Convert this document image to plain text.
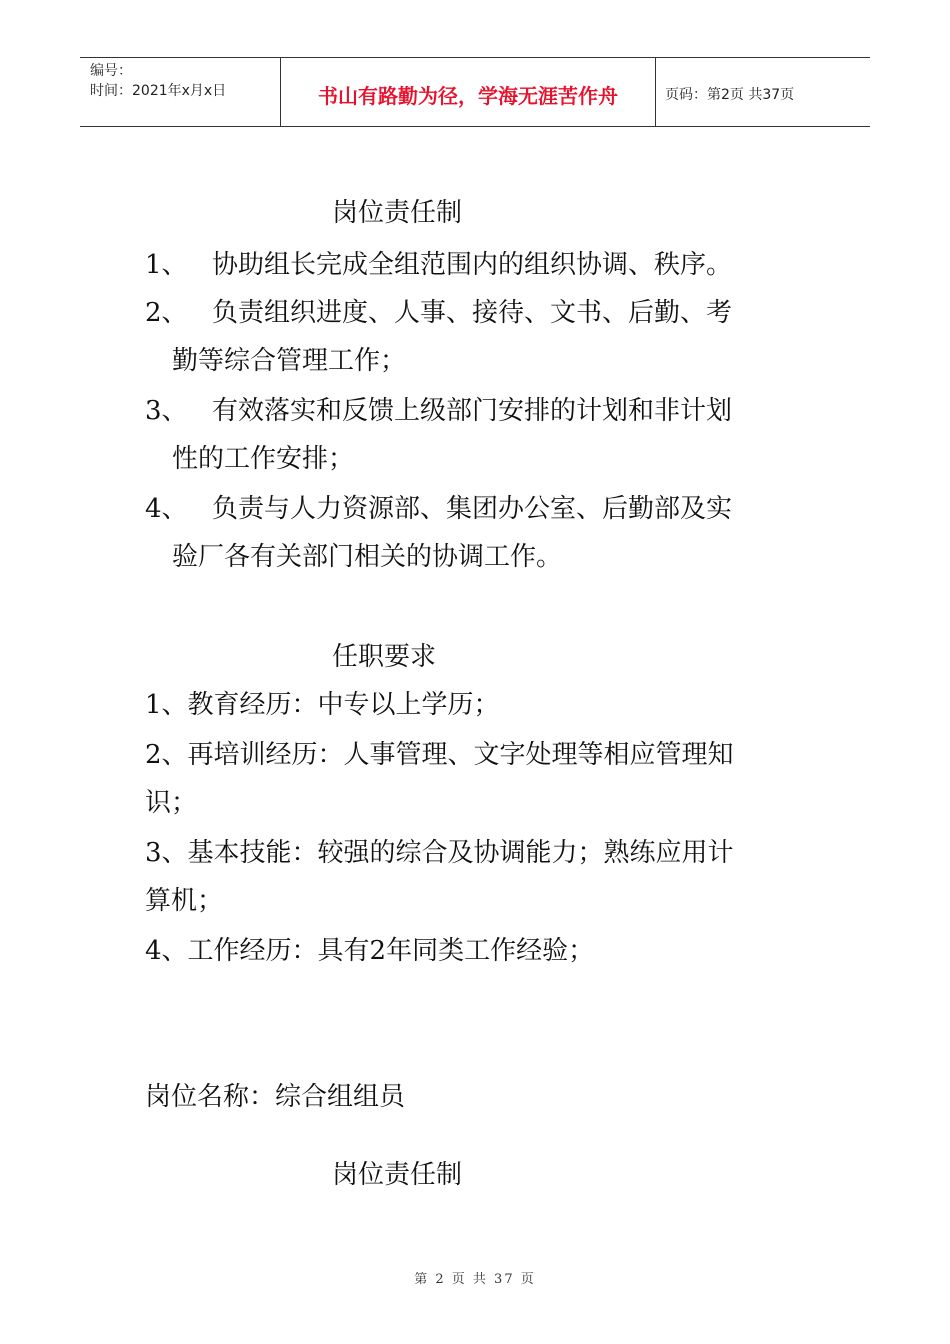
编号：
时间：2021年x月x日	书山有路勤为径，学海无涯苦作舟	页码：第2页 共37页
岗位责任制
1、 协助组长完成全组范围内的组织协调、秩序。
2、 负责组织进度、人事、接待、文书、后勤、考
勤等综合管理工作；
3、 有效落实和反馈上级部门安排的计划和非计划
性的工作安排；
4、 负责与人力资源部、集团办公室、后勤部及实
验厂各有关部门相关的协调工作。
任职要求
1、教育经历：中专以上学历；
2、再培训经历：人事管理、文字处理等相应管理知
识；
3、基本技能：较强的综合及协调能力；熟练应用计
算机；
4、工作经历：具有2年同类工作经验；
岗位名称：综合组组员
岗位责任制
第 2 页 共 37 页
